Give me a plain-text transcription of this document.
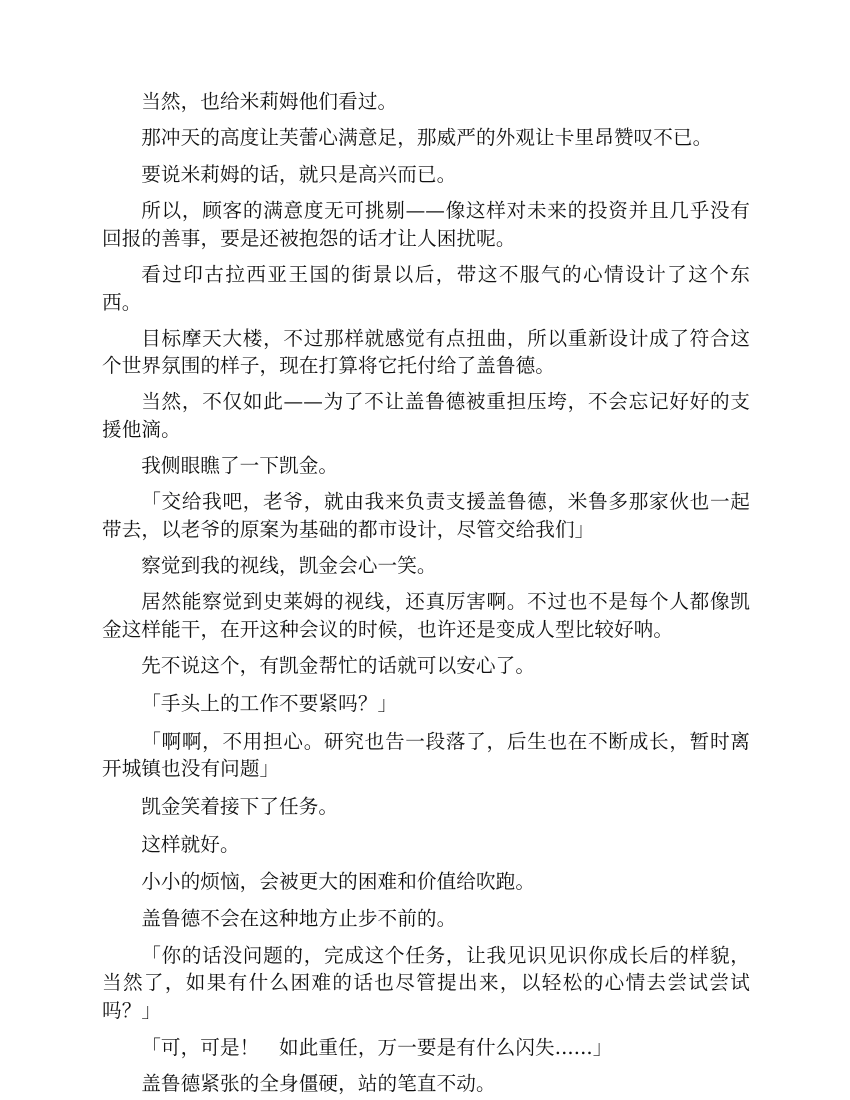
当然，也给米莉姆他们看过。

那冲天的高度让芙蕾心满意足，那威严的外观让卡里昂赞叹不已。

要说米莉姆的话，就只是高兴而已。

所以，顾客的满意度无可挑剔——像这样对未来的投资并且几乎没有回报的善事，要是还被抱怨的话才让人困扰呢。

看过印古拉西亚王国的街景以后，带这不服气的心情设计了这个东西。

目标摩天大楼，不过那样就感觉有点扭曲，所以重新设计成了符合这个世界氛围的样子，现在打算将它托付给了盖鲁德。

当然，不仅如此——为了不让盖鲁德被重担压垮，不会忘记好好的支援他滴。

我侧眼瞧了一下凯金。

「交给我吧，老爷，就由我来负责支援盖鲁德，米鲁多那家伙也一起带去，以老爷的原案为基础的都市设计，尽管交给我们」

察觉到我的视线，凯金会心一笑。

居然能察觉到史莱姆的视线，还真厉害啊。不过也不是每个人都像凯金这样能干，在开这种会议的时候，也许还是变成人型比较好呐。

先不说这个，有凯金帮忙的话就可以安心了。

「手头上的工作不要紧吗？」

「啊啊，不用担心。研究也告一段落了，后生也在不断成长，暂时离开城镇也没有问题」

凯金笑着接下了任务。

这样就好。

小小的烦恼，会被更大的困难和价值给吹跑。

盖鲁德不会在这种地方止步不前的。

「你的话没问题的，完成这个任务，让我见识见识你成长后的样貌，当然了，如果有什么困难的话也尽管提出来，以轻松的心情去尝试尝试吗？」

「可，可是！　如此重任，万一要是有什么闪失......」

盖鲁德紧张的全身僵硬，站的笔直不动。
